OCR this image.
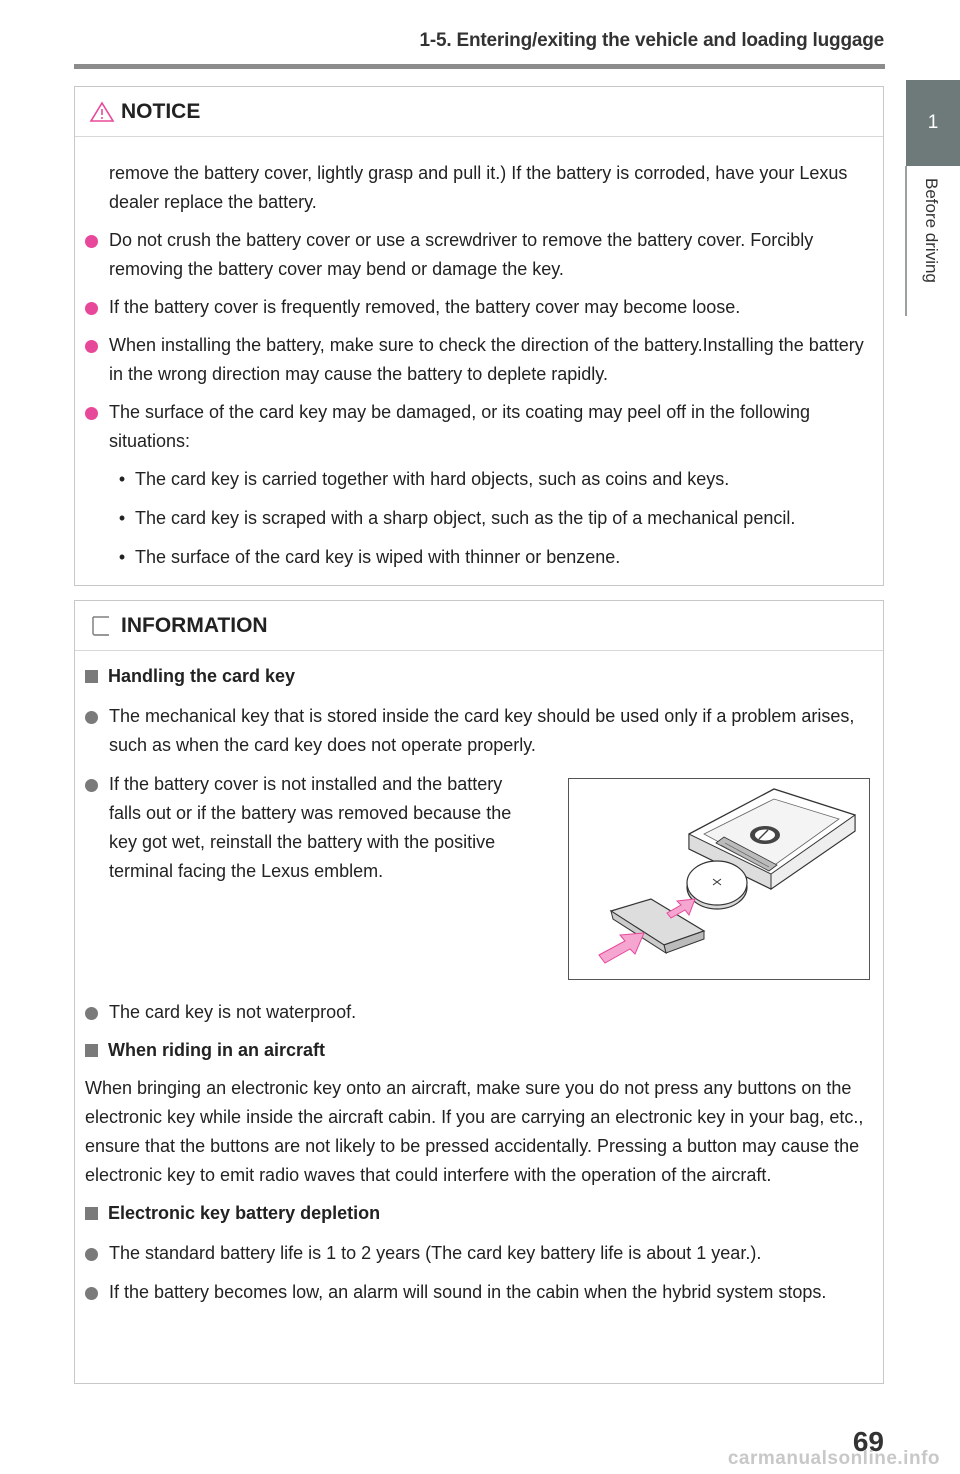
1-5. Entering/exiting the vehicle and loading luggage
1
Before driving
NOTICE

remove the battery cover, lightly grasp and pull it.) If the battery is corroded, have your Lexus dealer replace the battery.

Do not crush the battery cover or use a screwdriver to remove the battery cover. Forcibly removing the battery cover may bend or damage the key.
If the battery cover is frequently removed, the battery cover may become loose.
When installing the battery, make sure to check the direction of the battery.Installing the battery in the wrong direction may cause the battery to deplete rapidly.
The surface of the card key may be damaged, or its coating may peel off in the following situations:
• The card key is carried together with hard objects, such as coins and keys.
• The card key is scraped with a sharp object, such as the tip of a mechanical pencil.
• The surface of the card key is wiped with thinner or benzene.
INFORMATION
Handling the card key
The mechanical key that is stored inside the card key should be used only if a problem arises, such as when the card key does not operate properly.
If the battery cover is not installed and the battery falls out or if the battery was removed because the key got wet, reinstall the battery with the positive terminal facing the Lexus emblem.
The card key is not waterproof.
When riding in an aircraft

When bringing an electronic key onto an aircraft, make sure you do not press any buttons on the electronic key while inside the aircraft cabin. If you are carrying an electronic key in your bag, etc., ensure that the buttons are not likely to be pressed accidentally. Pressing a button may cause the electronic key to emit radio waves that could interfere with the operation of the aircraft.

Electronic key battery depletion
The standard battery life is 1 to 2 years (The card key battery life is about 1 year.).
If the battery becomes low, an alarm will sound in the cabin when the hybrid system stops.
69
carmanualsonline.info
